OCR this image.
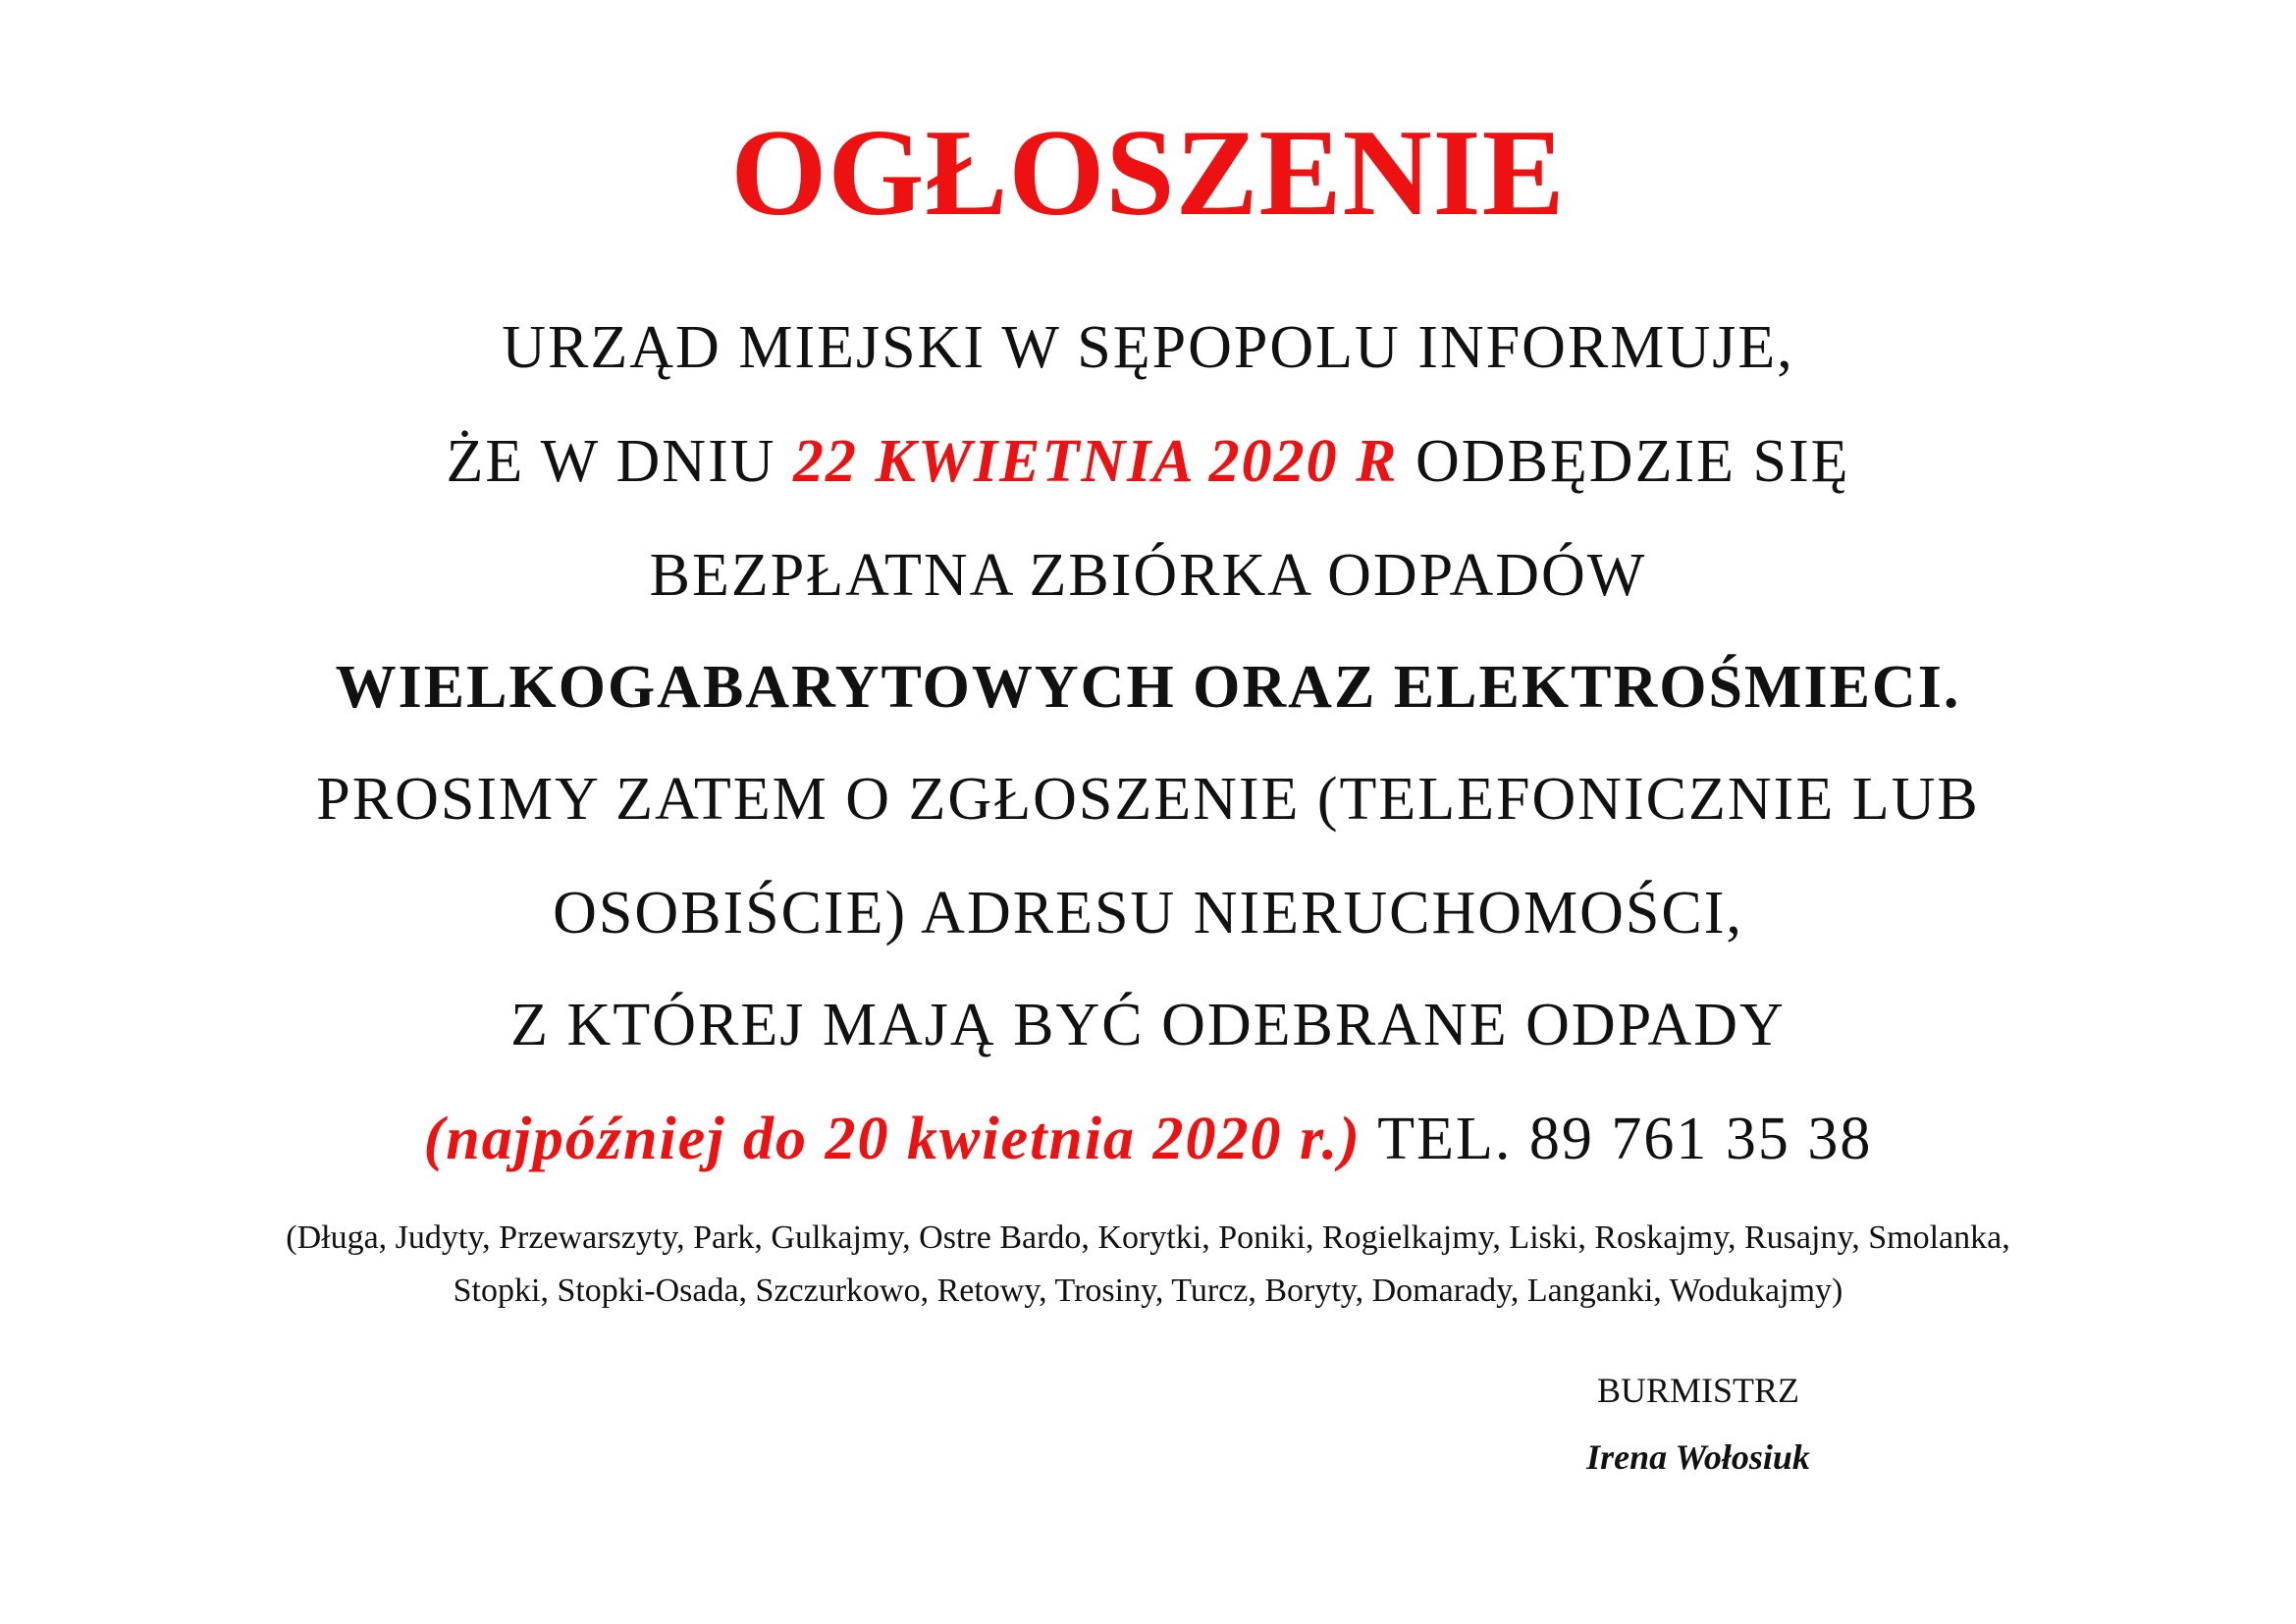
OGŁOSZENIE
URZĄD MIEJSKI W SĘPOPOLU INFORMUJE,
ŻE W DNIU 22 KWIETNIA 2020 R ODBĘDZIE SIĘ
BEZPŁATNA ZBIÓRKA ODPADÓW
WIELKOGABARYTOWYCH ORAZ ELEKTROŚMIECI.
PROSIMY ZATEM O ZGŁOSZENIE (TELEFONICZNIE LUB
OSOBIŚCIE) ADRESU NIERUCHOMOŚCI,
Z KTÓREJ MAJĄ BYĆ ODEBRANE ODPADY
(najpóźniej do 20 kwietnia 2020 r.) TEL. 89 761 35 38
(Długa, Judyty, Przewarszyty, Park, Gulkajmy, Ostre Bardo, Korytki, Poniki, Rogielkajmy, Liski, Roskajmy, Rusajny, Smolanka,
Stopki, Stopki-Osada, Szczurkowo, Retowy, Trosiny, Turcz, Boryty, Domarady, Langanki, Wodukajmy)
BURMISTRZ
Irena Wołosiuk
